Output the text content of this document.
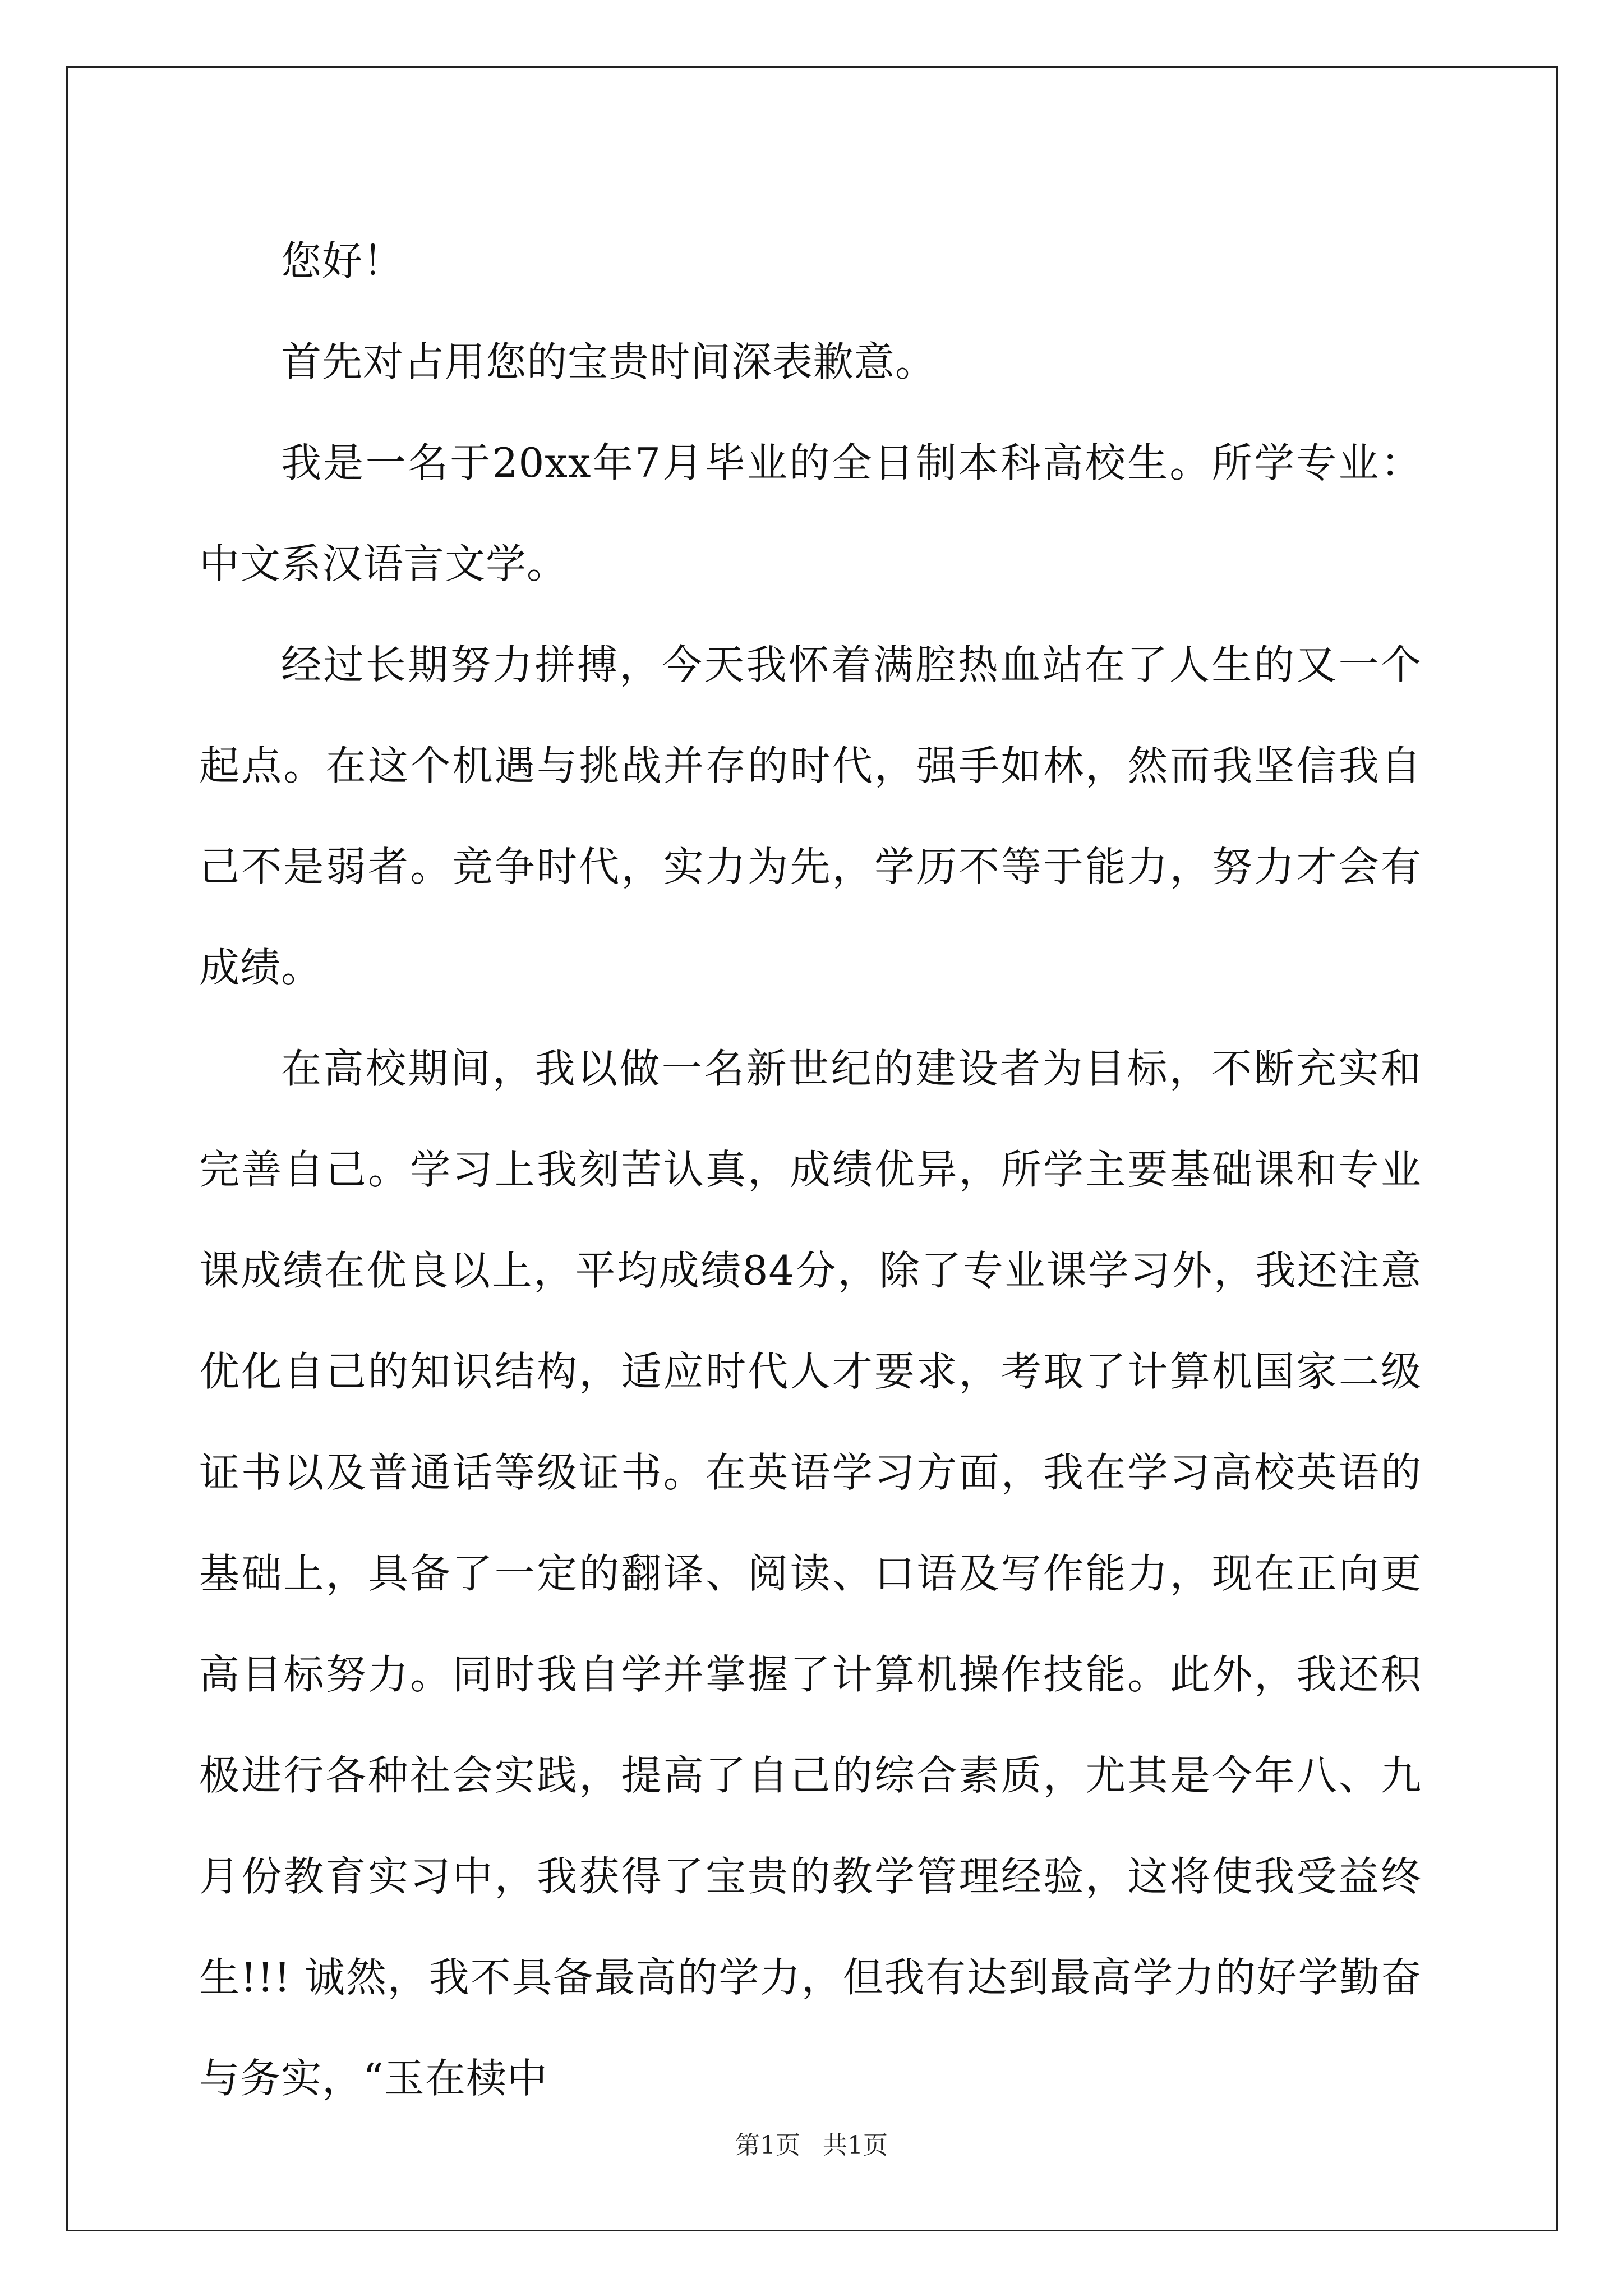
您好！

首先对占用您的宝贵时间深表歉意。

我是一名于20xx年7月毕业的全日制本科高校生。所学专业：中文系汉语言文学。

经过长期努力拼搏，今天我怀着满腔热血站在了人生的又一个起点。在这个机遇与挑战并存的时代，强手如林，然而我坚信我自己不是弱者。竞争时代，实力为先，学历不等于能力，努力才会有成绩。

在高校期间，我以做一名新世纪的建设者为目标，不断充实和完善自己。学习上我刻苦认真，成绩优异，所学主要基础课和专业课成绩在优良以上，平均成绩84分，除了专业课学习外，我还注意优化自己的知识结构，适应时代人才要求，考取了计算机国家二级证书以及普通话等级证书。在英语学习方面，我在学习高校英语的基础上，具备了一定的翻译、阅读、口语及写作能力，现在正向更高目标努力。同时我自学并掌握了计算机操作技能。此外，我还积极进行各种社会实践，提高了自己的综合素质，尤其是今年八、九月份教育实习中，我获得了宝贵的教学管理经验，这将使我受益终生!!! 诚然，我不具备最高的学力，但我有达到最高学力的好学勤奋与务实，“玉在椟中

第1页 共1页
